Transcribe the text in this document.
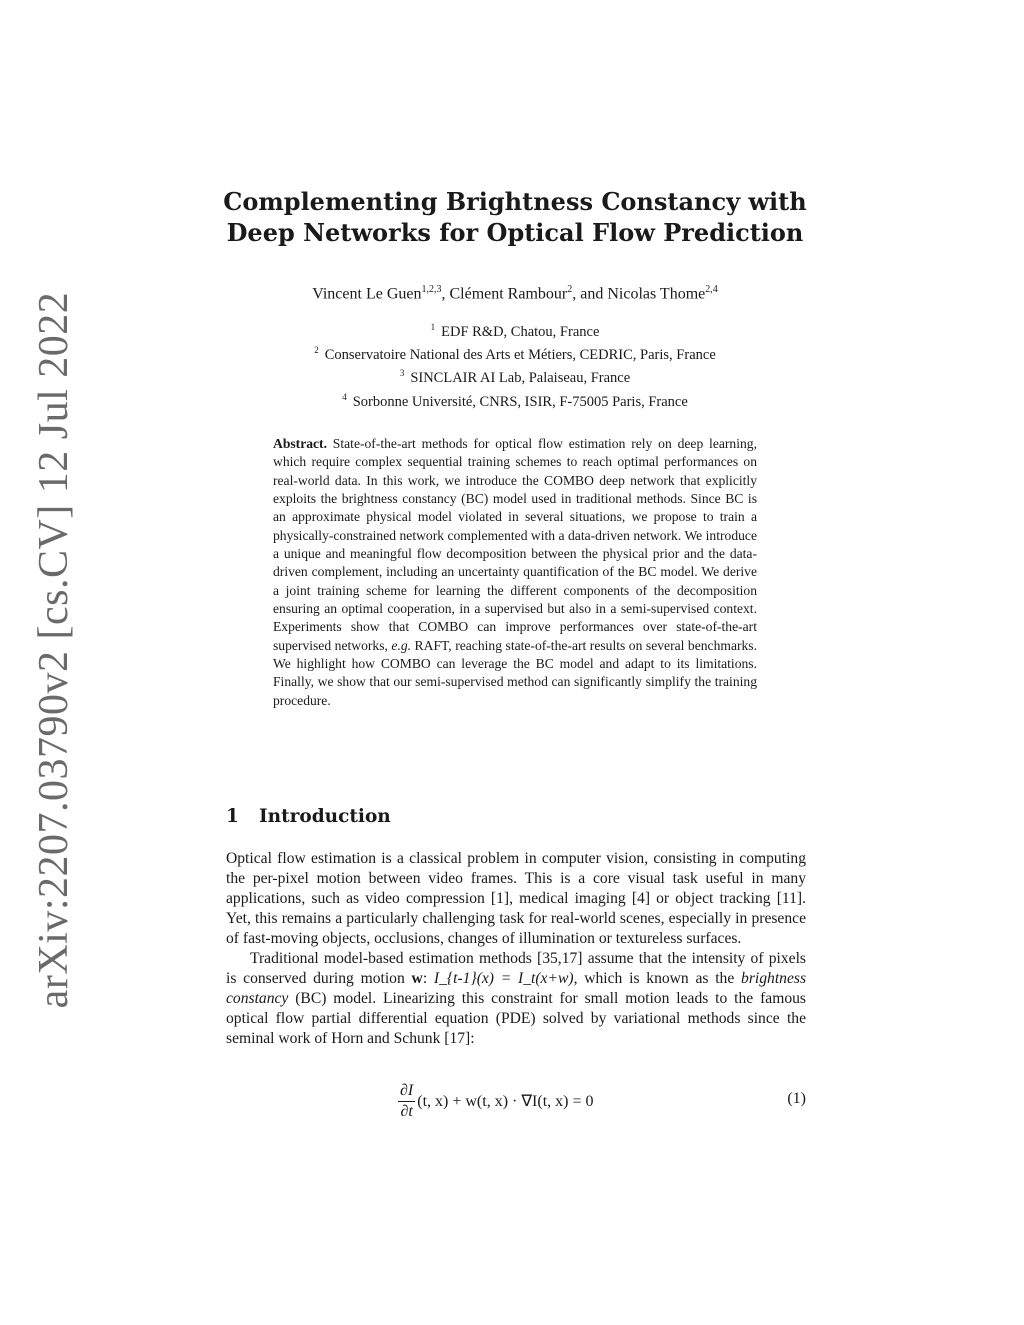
arXiv:2207.03790v2 [cs.CV] 12 Jul 2022
Complementing Brightness Constancy with
Deep Networks for Optical Flow Prediction
Vincent Le Guen$^{1,2,3}$, Clément Rambour$^2$, and Nicolas Thome$^{2,4}$
$^1$ EDF R&D, Chatou, France
$^2$ Conservatoire National des Arts et Métiers, CEDRIC, Paris, France
$^3$ SINCLAIR AI Lab, Palaiseau, France
$^4$ Sorbonne Université, CNRS, ISIR, F-75005 Paris, France
Abstract. State-of-the-art methods for optical flow estimation rely on deep learning, which require complex sequential training schemes to reach optimal performances on real-world data. In this work, we introduce the COMBO deep network that explicitly exploits the brightness constancy (BC) model used in traditional methods. Since BC is an approximate physical model violated in several situations, we propose to train a physically-constrained network complemented with a data-driven network. We introduce a unique and meaningful flow decomposition between the physical prior and the data-driven complement, including an uncertainty quantification of the BC model. We derive a joint training scheme for learning the different components of the decomposition ensuring an optimal cooperation, in a supervised but also in a semi-supervised context. Experiments show that COMBO can improve performances over state-of-the-art supervised networks, e.g. RAFT, reaching state-of-the-art results on several benchmarks. We highlight how COMBO can leverage the BC model and adapt to its limitations. Finally, we show that our semi-supervised method can significantly simplify the training procedure.
1 Introduction

Optical flow estimation is a classical problem in computer vision, consisting in computing the per-pixel motion between video frames. This is a core visual task useful in many applications, such as video compression [1], medical imaging [4] or object tracking [11]. Yet, this remains a particularly challenging task for real-world scenes, especially in presence of fast-moving objects, occlusions, changes of illumination or textureless surfaces.

Traditional model-based estimation methods [35,17] assume that the intensity of pixels is conserved during motion w: I_{t-1}(x) = I_t(x+w), which is known as the brightness constancy (BC) model. Linearizing this constraint for small motion leads to the famous optical flow partial differential equation (PDE) solved by variational methods since the seminal work of Horn and Schunk [17]:

$\frac{\partial I}{\partial t} (t$, x) + w(t, x) · ∇I(t, x) = 0	(1)
